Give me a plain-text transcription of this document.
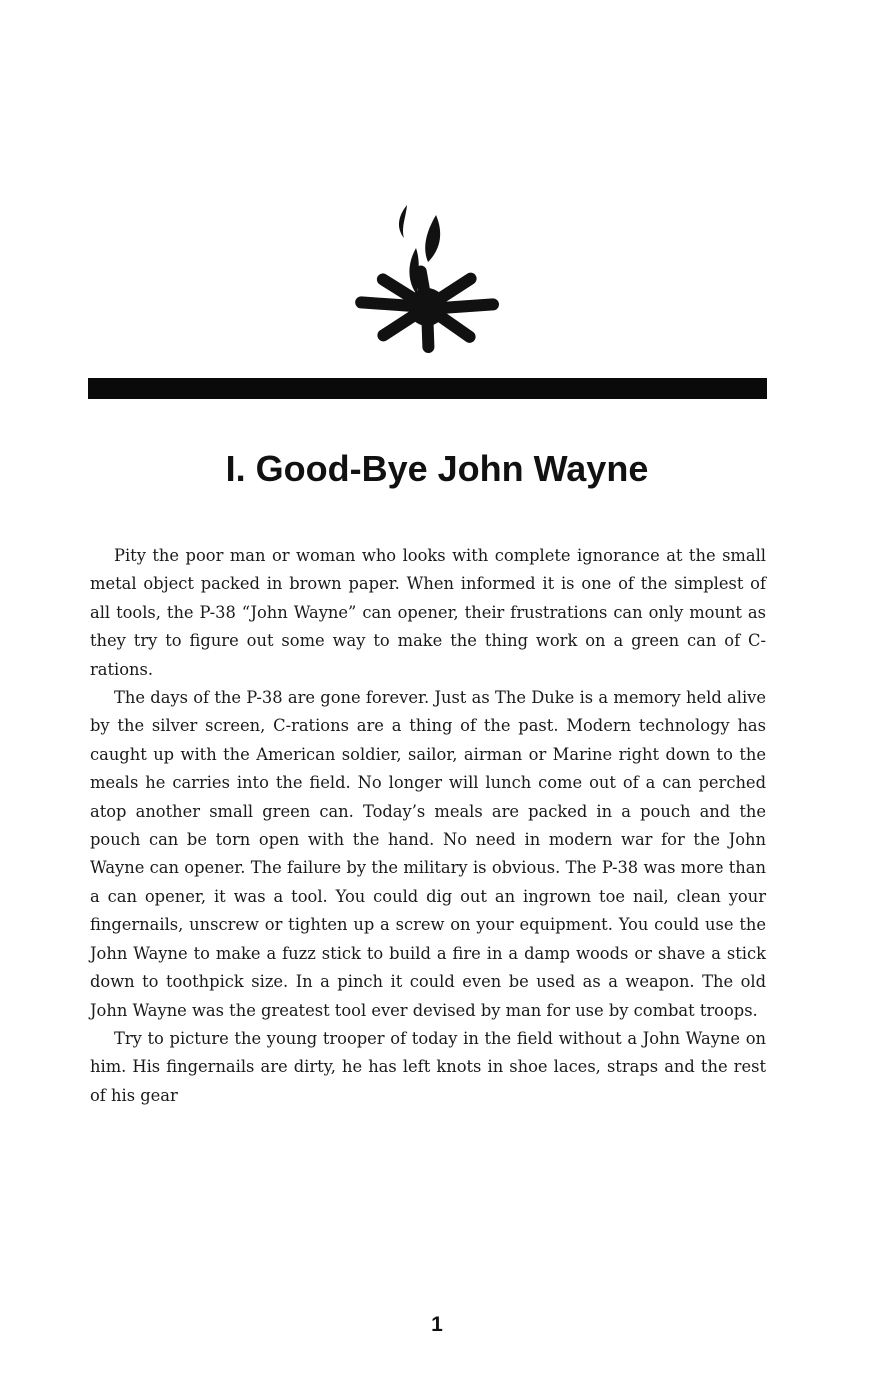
I. Good-Bye John Wayne

Pity the poor man or woman who looks with complete ignorance at the small metal object packed in brown paper. When informed it is one of the simplest of all tools, the P-38 “John Wayne” can opener, their frustrations can only mount as they try to figure out some way to make the thing work on a green can of C-rations.

The days of the P-38 are gone forever. Just as The Duke is a memory held alive by the silver screen, C-rations are a thing of the past. Modern technology has caught up with the American soldier, sailor, airman or Marine right down to the meals he carries into the field. No longer will lunch come out of a can perched atop another small green can. Today’s meals are packed in a pouch and the pouch can be torn open with the hand. No need in modern war for the John Wayne can opener. The failure by the military is obvious. The P-38 was more than a can opener, it was a tool. You could dig out an ingrown toe nail, clean your fingernails, unscrew or tighten up a screw on your equipment. You could use the John Wayne to make a fuzz stick to build a fire in a damp woods or shave a stick down to toothpick size. In a pinch it could even be used as a weapon. The old John Wayne was the greatest tool ever devised by man for use by combat troops.

Try to picture the young trooper of today in the field without a John Wayne on him. His fingernails are dirty, he has left knots in shoe laces, straps and the rest of his gear

1
